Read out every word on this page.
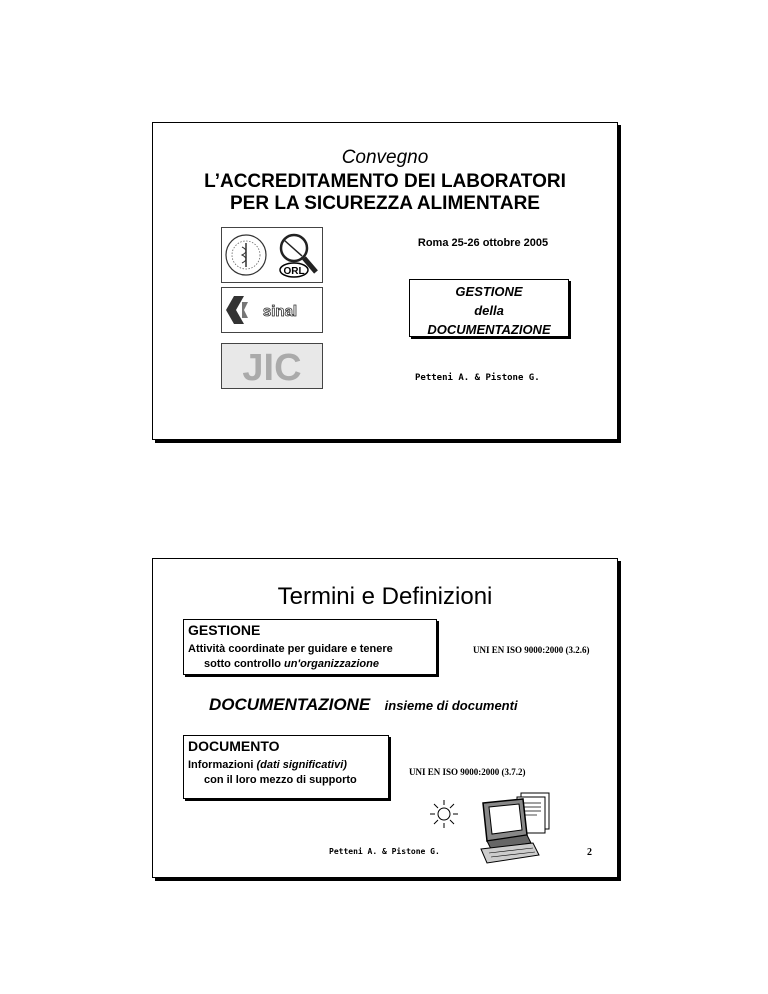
Convegno
L’ACCREDITAMENTO DEI LABORATORI
PER LA SICUREZZA ALIMENTARE
ORL
Roma 25-26 ottobre 2005
sinal
GESTIONE
della
DOCUMENTAZIONE
JIC	Petteni A. & Pistone G.
Termini e Definizioni
GESTIONE
Attività coordinate per guidare e tenere
sotto controllo un'organizzazione
UNI EN ISO 9000:2000 (3.2.6)
DOCUMENTAZIONE insieme di documenti
DOCUMENTO
Informazioni (dati significativi)
con il loro mezzo di supporto
UNI EN ISO 9000:2000 (3.7.2)
Petteni A. & Pistone G.	2
